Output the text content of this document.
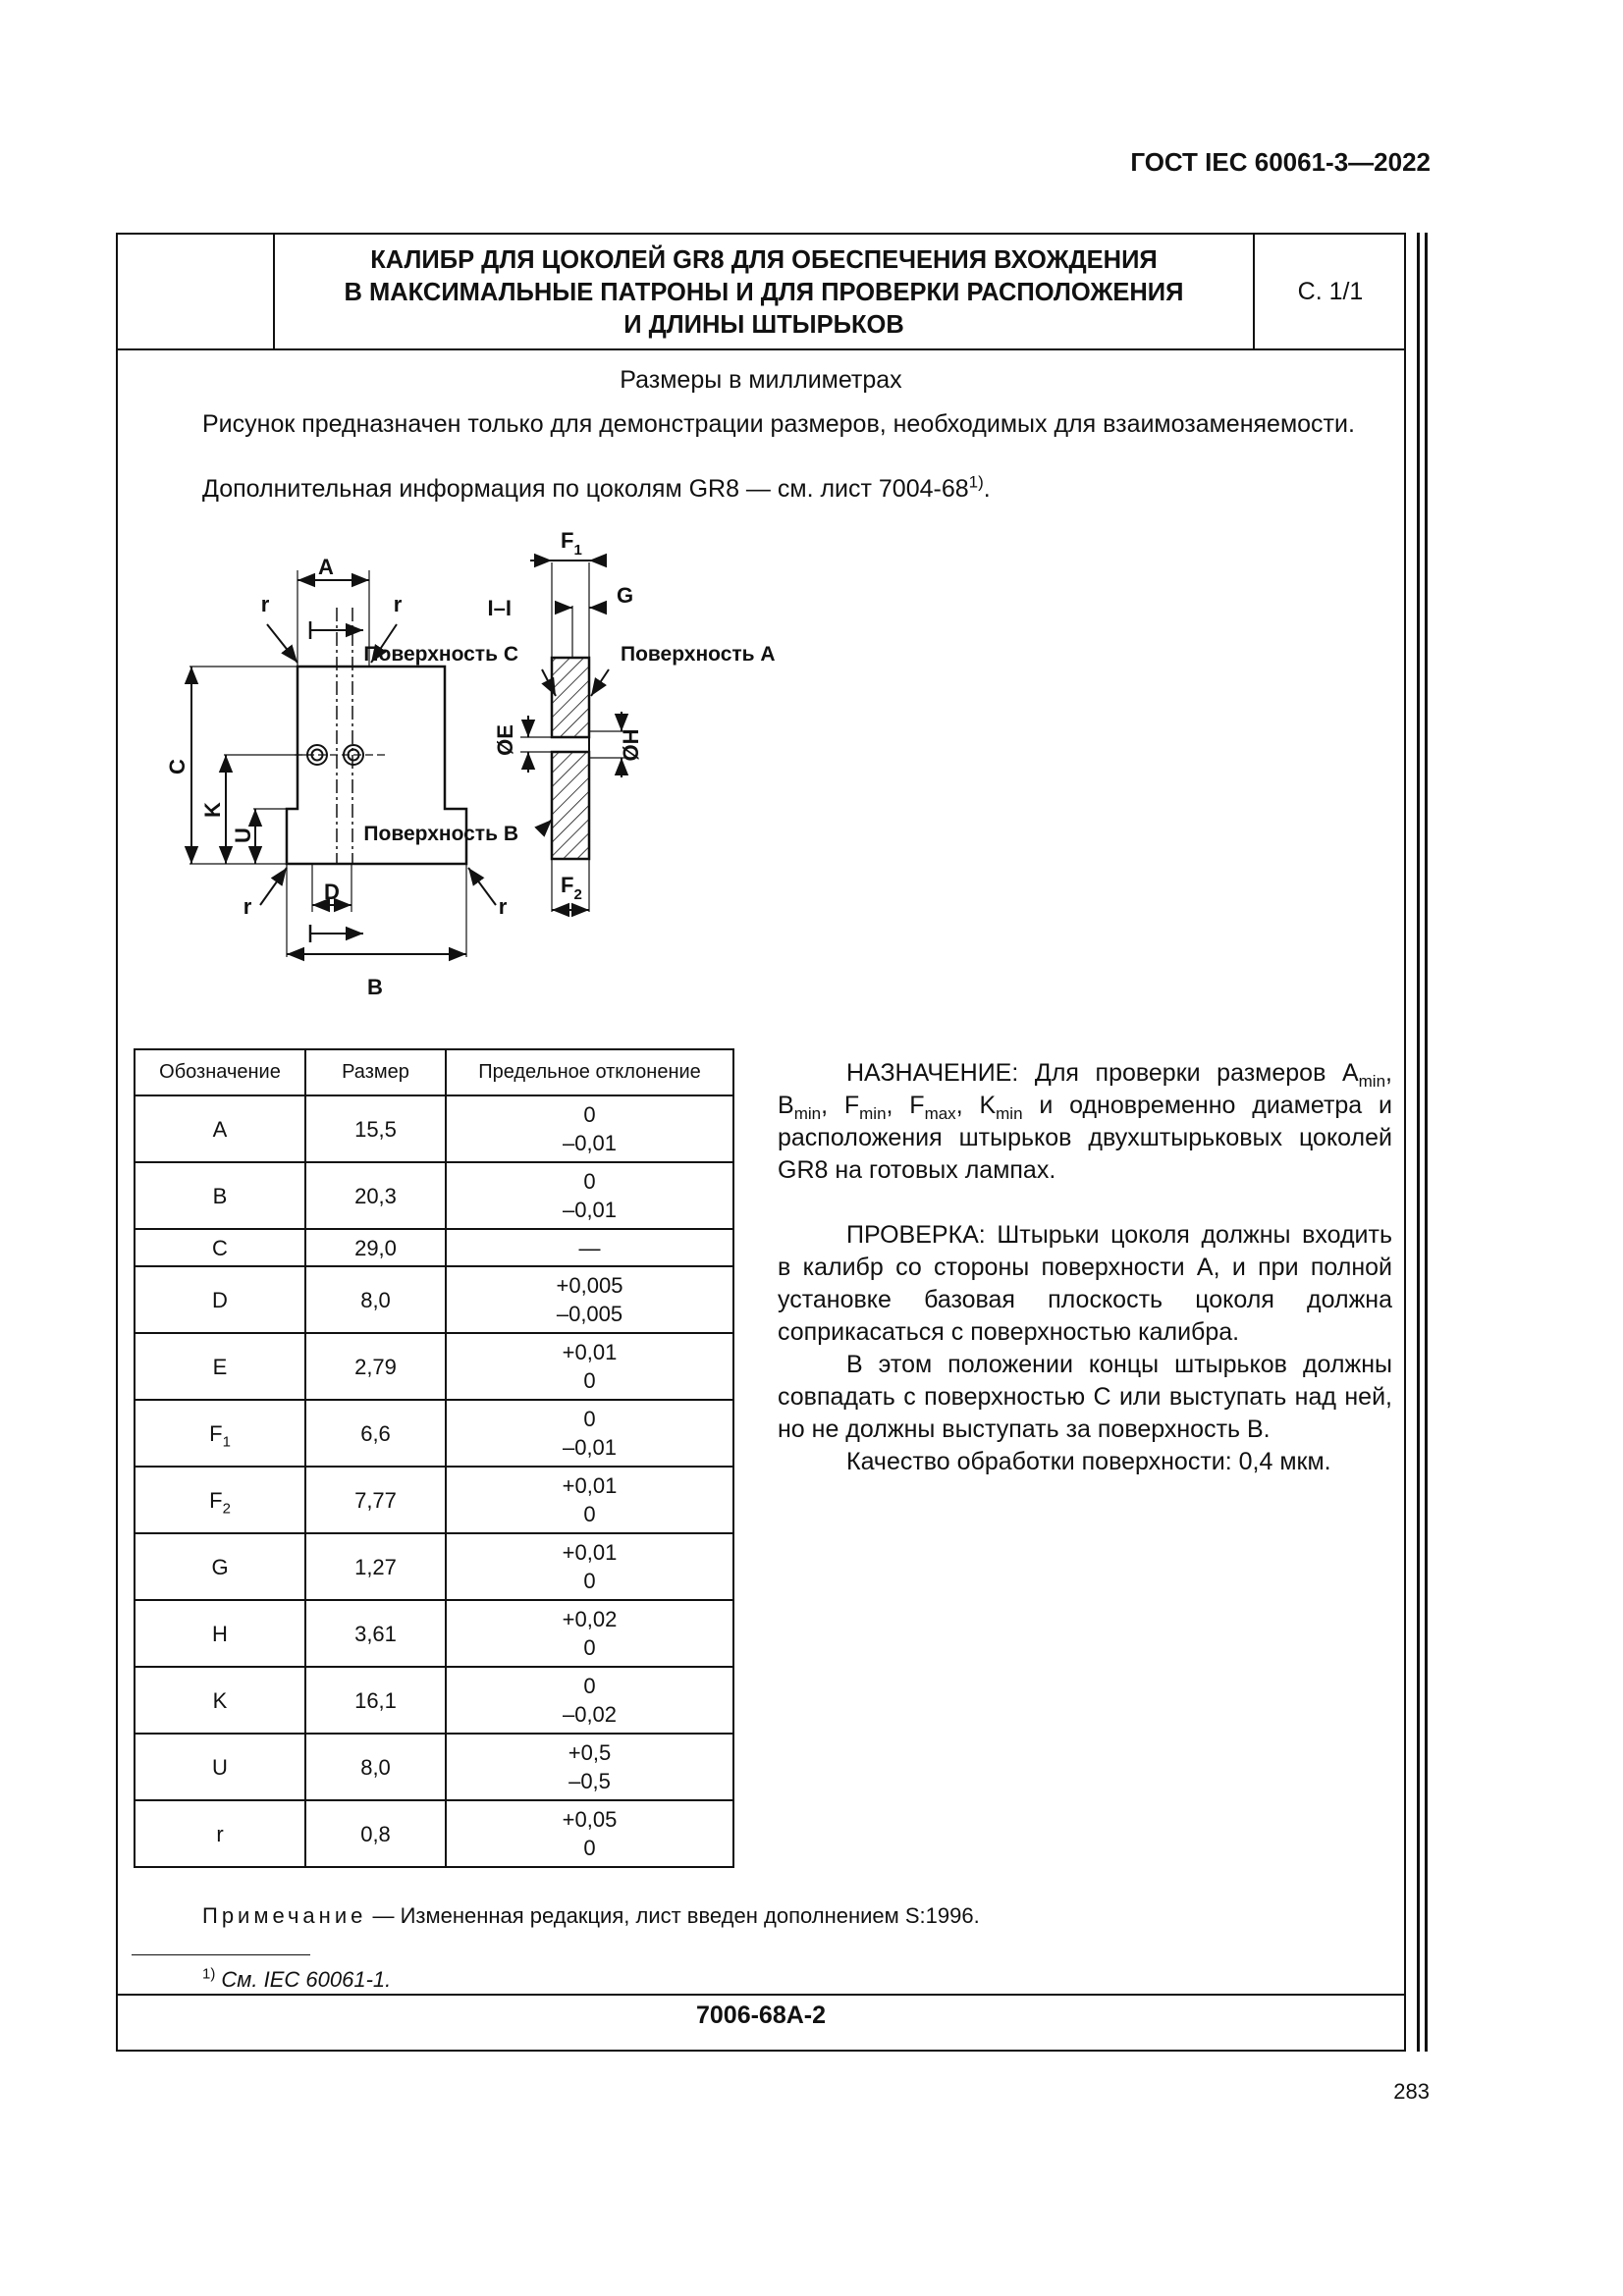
ГОСТ IEC 60061-3—2022
КАЛИБР ДЛЯ ЦОКОЛЕЙ GR8 ДЛЯ ОБЕСПЕЧЕНИЯ ВХОЖДЕНИЯ
В МАКСИМАЛЬНЫЕ ПАТРОНЫ И ДЛЯ ПРОВЕРКИ РАСПОЛОЖЕНИЯ
И ДЛИНЫ ШТЫРЬКОВ
С. 1/1
Размеры в миллиметрах
Рисунок предназначен только для демонстрации размеров, необходимых для взаимозаменяемости.
Дополнительная информация по цоколям GR8 — см. лист 7004-68$^{1)}$.
A
r	r
C
K
U
D
B
r	r
$F_1$
G
I–I
Поверхность С	Поверхность А
ØE	ØH
Поверхность В
$F_2$
Обозначение	Размер	Предельное отклонение
A	15,5	0
–0,01

B	20,3	0
–0,01

C	29,0	—

D	8,0	+0,005
–0,005

E	2,79	+0,01
0

$F_1$	6,6	0
–0,01

$F_2$	7,77	+0,01
0

G	1,27	+0,01
0

H	3,61	+0,02
0

K	16,1	0
–0,02

U	8,0	+0,5
–0,5

r	0,8	+0,05
0

НАЗНАЧЕНИЕ: Для проверки размеров $A_{min}$, $B_{min}$, $F_{min}$, $F_{max}$, $K_{min}$ и одновременно диаметра и расположения штырьков двухштырьковых цоколей GR8 на готовых лампах.

ПРОВЕРКА: Штырьки цоколя должны входить в калибр со стороны поверхности А, и при полной установке базовая плоскость цоколя должна соприкасаться с поверхностью калибра.

В этом положении концы штырьков должны совпадать с поверхностью С или выступать над ней, но не должны выступать за поверхность В.

Качество обработки поверхности: 0,4 мкм.

Примечание — Измененная редакция, лист введен дополнением S:1996.
$^{1)}$ См. IEC 60061-1.
7006-68A-2
283
